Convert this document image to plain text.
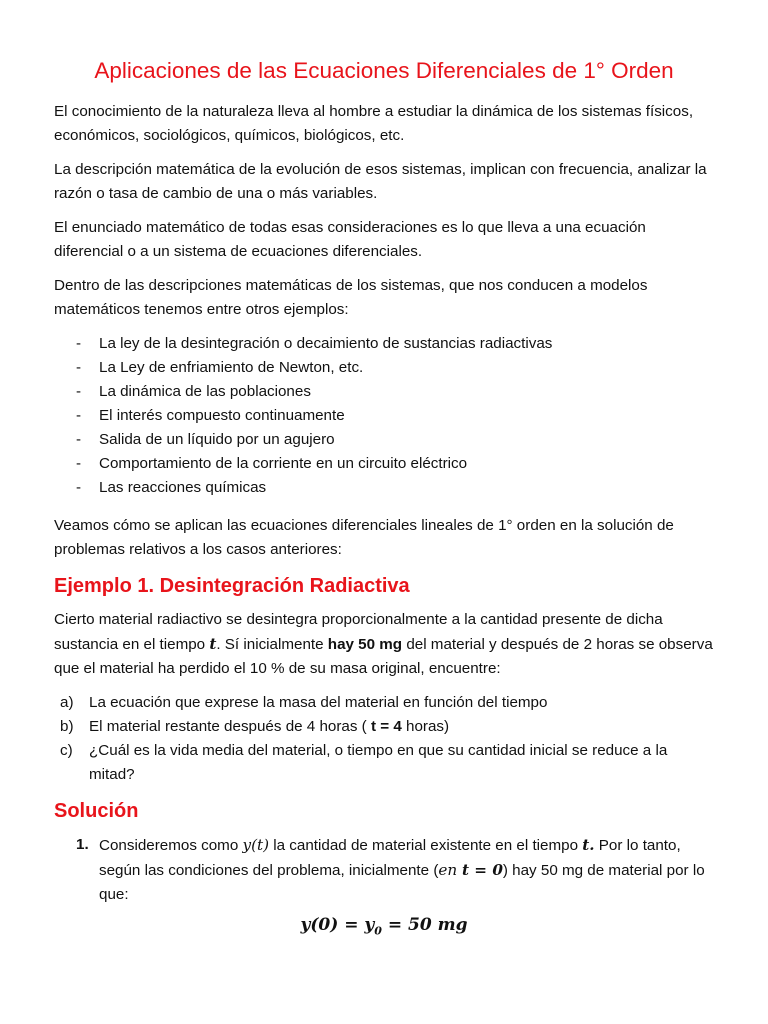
Aplicaciones de las Ecuaciones Diferenciales de 1° Orden

El conocimiento de la naturaleza lleva al hombre a estudiar la dinámica de los sistemas físicos, económicos, sociológicos, químicos, biológicos, etc.

La descripción matemática de la evolución de esos sistemas, implican con frecuencia, analizar la razón o tasa de cambio de una o más variables.

El enunciado matemático de todas esas consideraciones es lo que lleva a una ecuación diferencial o a un sistema de ecuaciones diferenciales.

Dentro de las descripciones matemáticas de los sistemas, que nos conducen a modelos matemáticos tenemos entre otros ejemplos:

- La ley de la desintegración o decaimiento de sustancias radiactivas
- La Ley de enfriamiento de Newton, etc.
- La dinámica de las poblaciones
- El interés compuesto continuamente
- Salida de un líquido por un agujero
- Comportamiento de la corriente en un circuito eléctrico
- Las reacciones químicas

Veamos cómo se aplican las ecuaciones diferenciales lineales de 1° orden en la solución de problemas relativos a los casos anteriores:

Ejemplo 1. Desintegración Radiactiva

Cierto material radiactivo se desintegra proporcionalmente a la cantidad presente de dicha sustancia en el tiempo t. Sí inicialmente hay 50 mg del material y después de 2 horas se observa que el material ha perdido el 10 % de su masa original, encuentre:

a) La ecuación que exprese la masa del material en función del tiempo
b) El material restante después de 4 horas ( t = 4 horas)
c) ¿Cuál es la vida media del material, o tiempo en que su cantidad inicial se reduce a la mitad?
Solución
1. Consideremos como y(t) la cantidad de material existente en el tiempo t. Por lo tanto, según las condiciones del problema, inicialmente (en t = 0) hay 50 mg de material por lo que:
$y(0) = y_0 = 50$ mg
